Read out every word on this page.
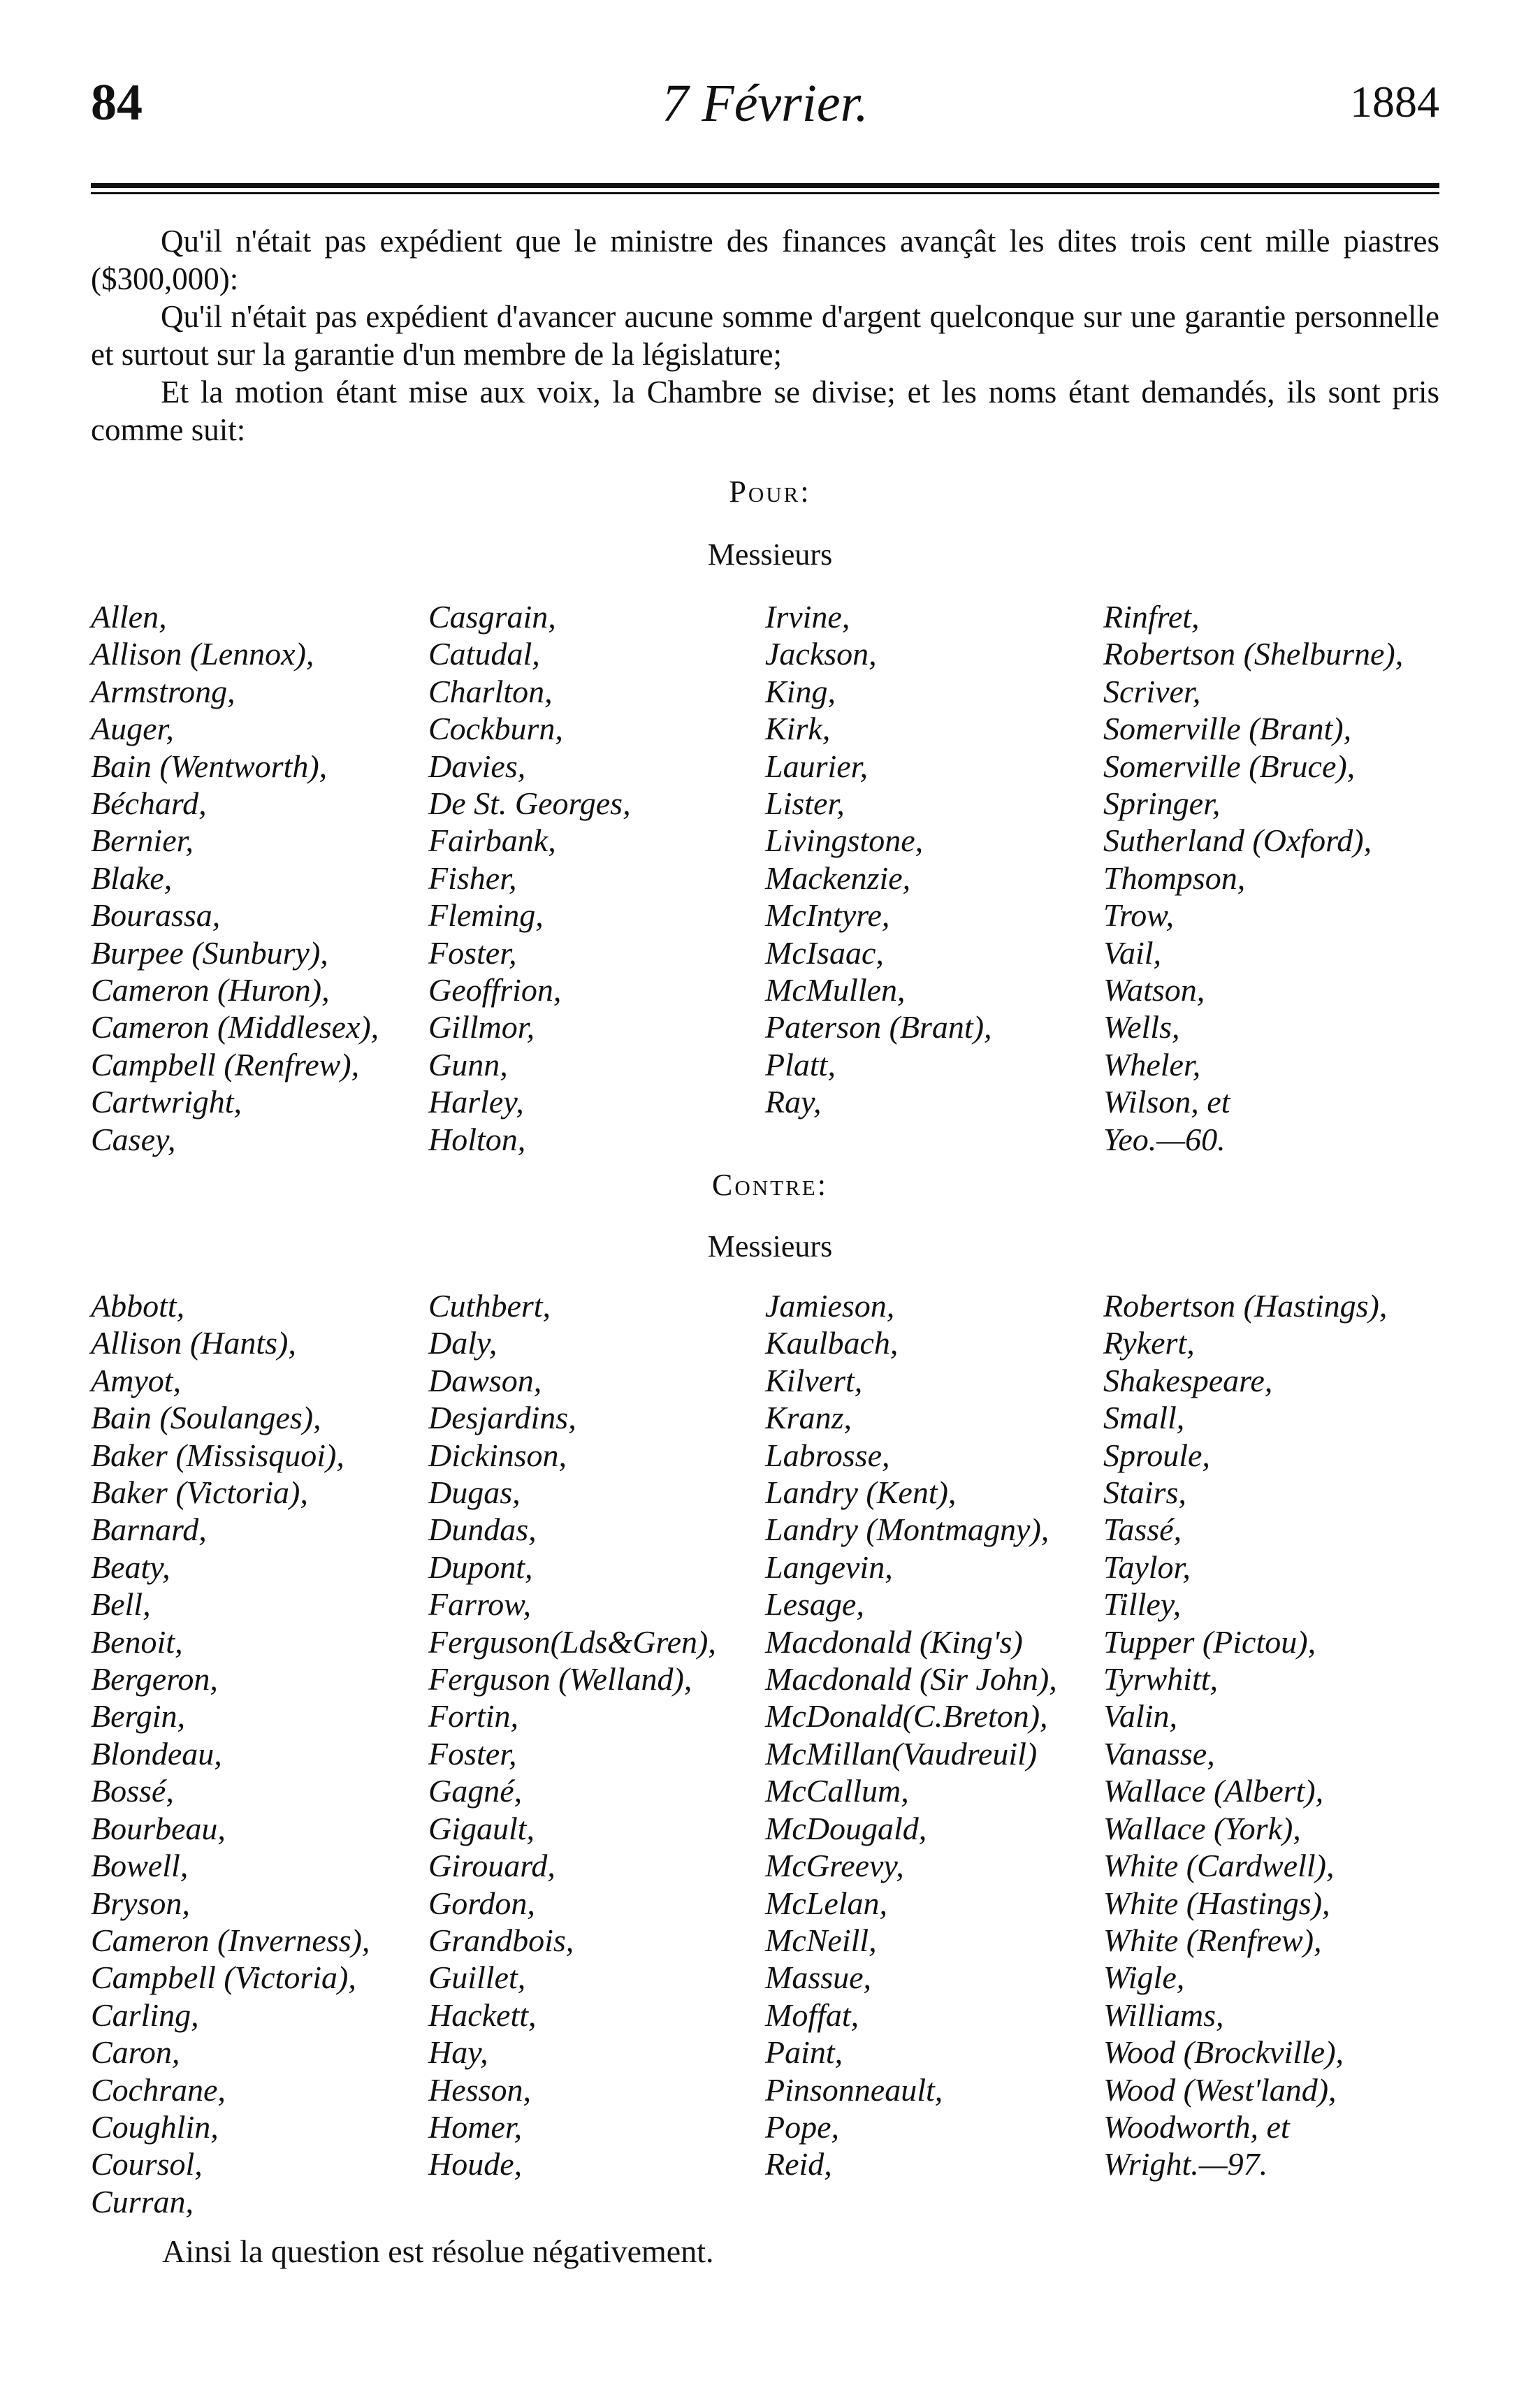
84	7 Février.	1884
Qu'il n'était pas expédient que le ministre des finances avançât les dites trois cent mille piastres ($300,000):
Qu'il n'était pas expédient d'avancer aucune somme d'argent quelconque sur une garantie personnelle et surtout sur la garantie d'un membre de la législature;
Et la motion étant mise aux voix, la Chambre se divise; et les noms étant demandés, ils sont pris comme suit:
Pour:
Messieurs
Allen,
Allison (Lennox),
Armstrong,
Auger,
Bain (Wentworth),
Béchard,
Bernier,
Blake,
Bourassa,
Burpee (Sunbury),
Cameron (Huron),
Cameron (Middlesex),
Campbell (Renfrew),
Cartwright,
Casey,
Casgrain,
Catudal,
Charlton,
Cockburn,
Davies,
De St. Georges,
Fairbank,
Fisher,
Fleming,
Foster,
Geoffrion,
Gillmor,
Gunn,
Harley,
Holton,
Irvine,
Jackson,
King,
Kirk,
Laurier,
Lister,
Livingstone,
Mackenzie,
McIntyre,
McIsaac,
McMullen,
Paterson (Brant),
Platt,
Ray,
Rinfret,
Robertson (Shelburne),
Scriver,
Somerville (Brant),
Somerville (Bruce),
Springer,
Sutherland (Oxford),
Thompson,
Trow,
Vail,
Watson,
Wells,
Wheler,
Wilson, et
Yeo.—60.
Contre:
Messieurs
Abbott,
Allison (Hants),
Amyot,
Bain (Soulanges),
Baker (Missisquoi),
Baker (Victoria),
Barnard,
Beaty,
Bell,
Benoit,
Bergeron,
Bergin,
Blondeau,
Bossé,
Bourbeau,
Bowell,
Bryson,
Cameron (Inverness),
Campbell (Victoria),
Carling,
Caron,
Cochrane,
Coughlin,
Coursol,
Curran,
Cuthbert,
Daly,
Dawson,
Desjardins,
Dickinson,
Dugas,
Dundas,
Dupont,
Farrow,
Ferguson(Lds&Gren),
Ferguson (Welland),
Fortin,
Foster,
Gagné,
Gigault,
Girouard,
Gordon,
Grandbois,
Guillet,
Hackett,
Hay,
Hesson,
Homer,
Houde,
Jamieson,
Kaulbach,
Kilvert,
Kranz,
Labrosse,
Landry (Kent),
Landry (Montmagny),
Langevin,
Lesage,
Macdonald (King's)
Macdonald (Sir John),
McDonald(C.Breton),
McMillan(Vaudreuil)
McCallum,
McDougald,
McGreevy,
McLelan,
McNeill,
Massue,
Moffat,
Paint,
Pinsonneault,
Pope,
Reid,
Robertson (Hastings),
Rykert,
Shakespeare,
Small,
Sproule,
Stairs,
Tassé,
Taylor,
Tilley,
Tupper (Pictou),
Tyrwhitt,
Valin,
Vanasse,
Wallace (Albert),
Wallace (York),
White (Cardwell),
White (Hastings),
White (Renfrew),
Wigle,
Williams,
Wood (Brockville),
Wood (West'land),
Woodworth, et
Wright.—97.
Ainsi la question est résolue négativement.
